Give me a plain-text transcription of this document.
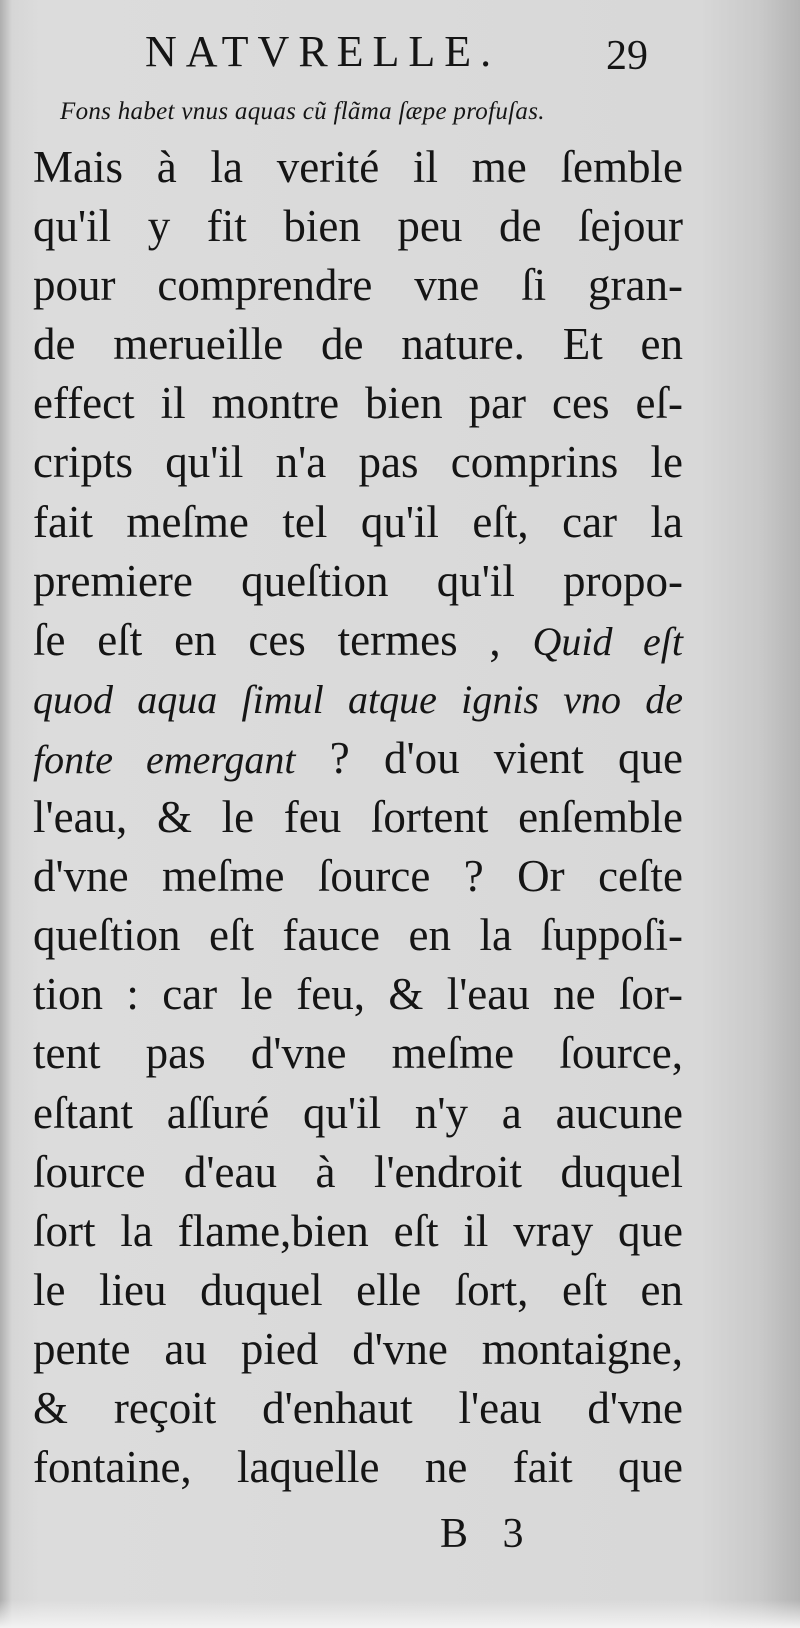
NATVRELLE.	29
Fons habet vnus aquas cũ flãma ſæpe profuſas.
Mais à la verité il me ſemble
qu'il y fit bien peu de ſejour
pour comprendre vne ſi gran-
de merueille de nature. Et en
effect il montre bien par ces eſ-
cripts qu'il n'a pas comprins le
fait meſme tel qu'il eſt, car la
premiere queſtion qu'il propo-
ſe eſt en ces termes , Quid eſt
quod aqua ſimul atque ignis vno de
fonte emergant ? d'ou vient que
l'eau, & le feu ſortent enſemble
d'vne meſme ſource ? Or ceſte
queſtion eſt fauce en la ſuppoſi-
tion : car le feu, & l'eau ne ſor-
tent pas d'vne meſme ſource,
eſtant aſſuré qu'il n'y a aucune
ſource d'eau à l'endroit duquel
ſort la flame,bien eſt il vray que
le lieu duquel elle ſort, eſt en
pente au pied d'vne montaigne,
& reçoit d'enhaut l'eau d'vne
fontaine, laquelle ne fait que
B 3
